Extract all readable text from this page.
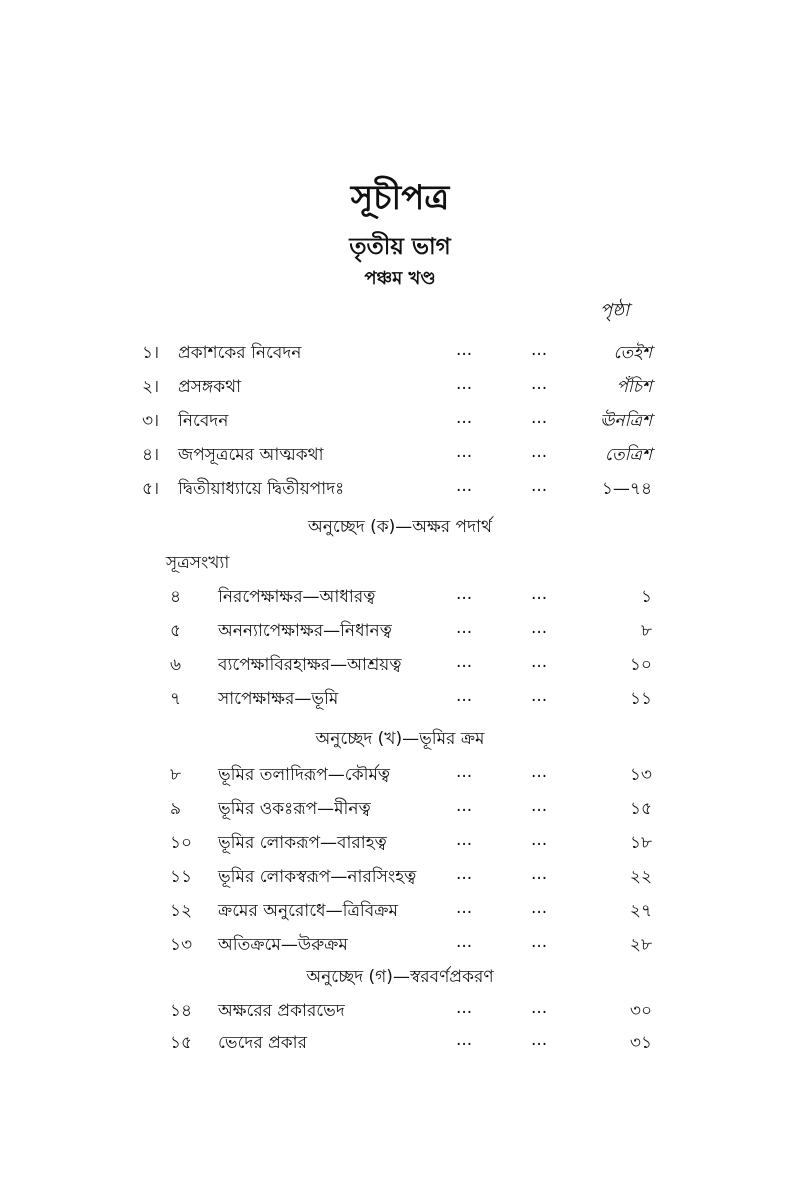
সূচীপত্র
তৃতীয় ভাগ
পঞ্চম খণ্ড
পৃষ্ঠা
১। প্রকাশকের নিবেদন	...	...	তেইশ
২। প্রসঙ্গকথা	...	...	পঁচিশ
৩। নিবেদন	...	...	ঊনত্রিশ
৪। জপসূত্রমের আত্মকথা	...	...	তেত্রিশ
৫। দ্বিতীয়াধ্যায়ে দ্বিতীয়পাদঃ	...	...	১—৭৪
অনুচ্ছেদ (ক)—অক্ষর পদার্থ
সূত্রসংখ্যা
৪ নিরপেক্ষাক্ষর—আধারত্ব	...	...	১
৫ অনন্যাপেক্ষাক্ষর—নিধানত্ব	...	...	৮
৬ ব্যপেক্ষাবিরহাক্ষর—আশ্রয়ত্ব	...	...	১০
৭ সাপেক্ষাক্ষর—ভূমি	...	...	১১
অনুচ্ছেদ (খ)—ভূমির ক্রম
৮ ভূমির তলাদিরূপ—কৌর্মত্ব	...	...	১৩
৯ ভূমির ওকঃরূপ—মীনত্ব	...	...	১৫
১০ ভূমির লোকরূপ—বারাহত্ব	...	...	১৮
১১ ভূমির লোকস্বরূপ—নারসিংহত্ব ...	...	২২
১২ ক্রমের অনুরোধে—ত্রিবিক্রম	...	...	২৭
১৩ অতিক্রমে—উরুক্রম	...	...	২৮
অনুচ্ছেদ (গ)—স্বরবর্ণপ্রকরণ
১৪ অক্ষরের প্রকারভেদ	...	...	৩০
১৫ ভেদের প্রকার	...	...	৩১
